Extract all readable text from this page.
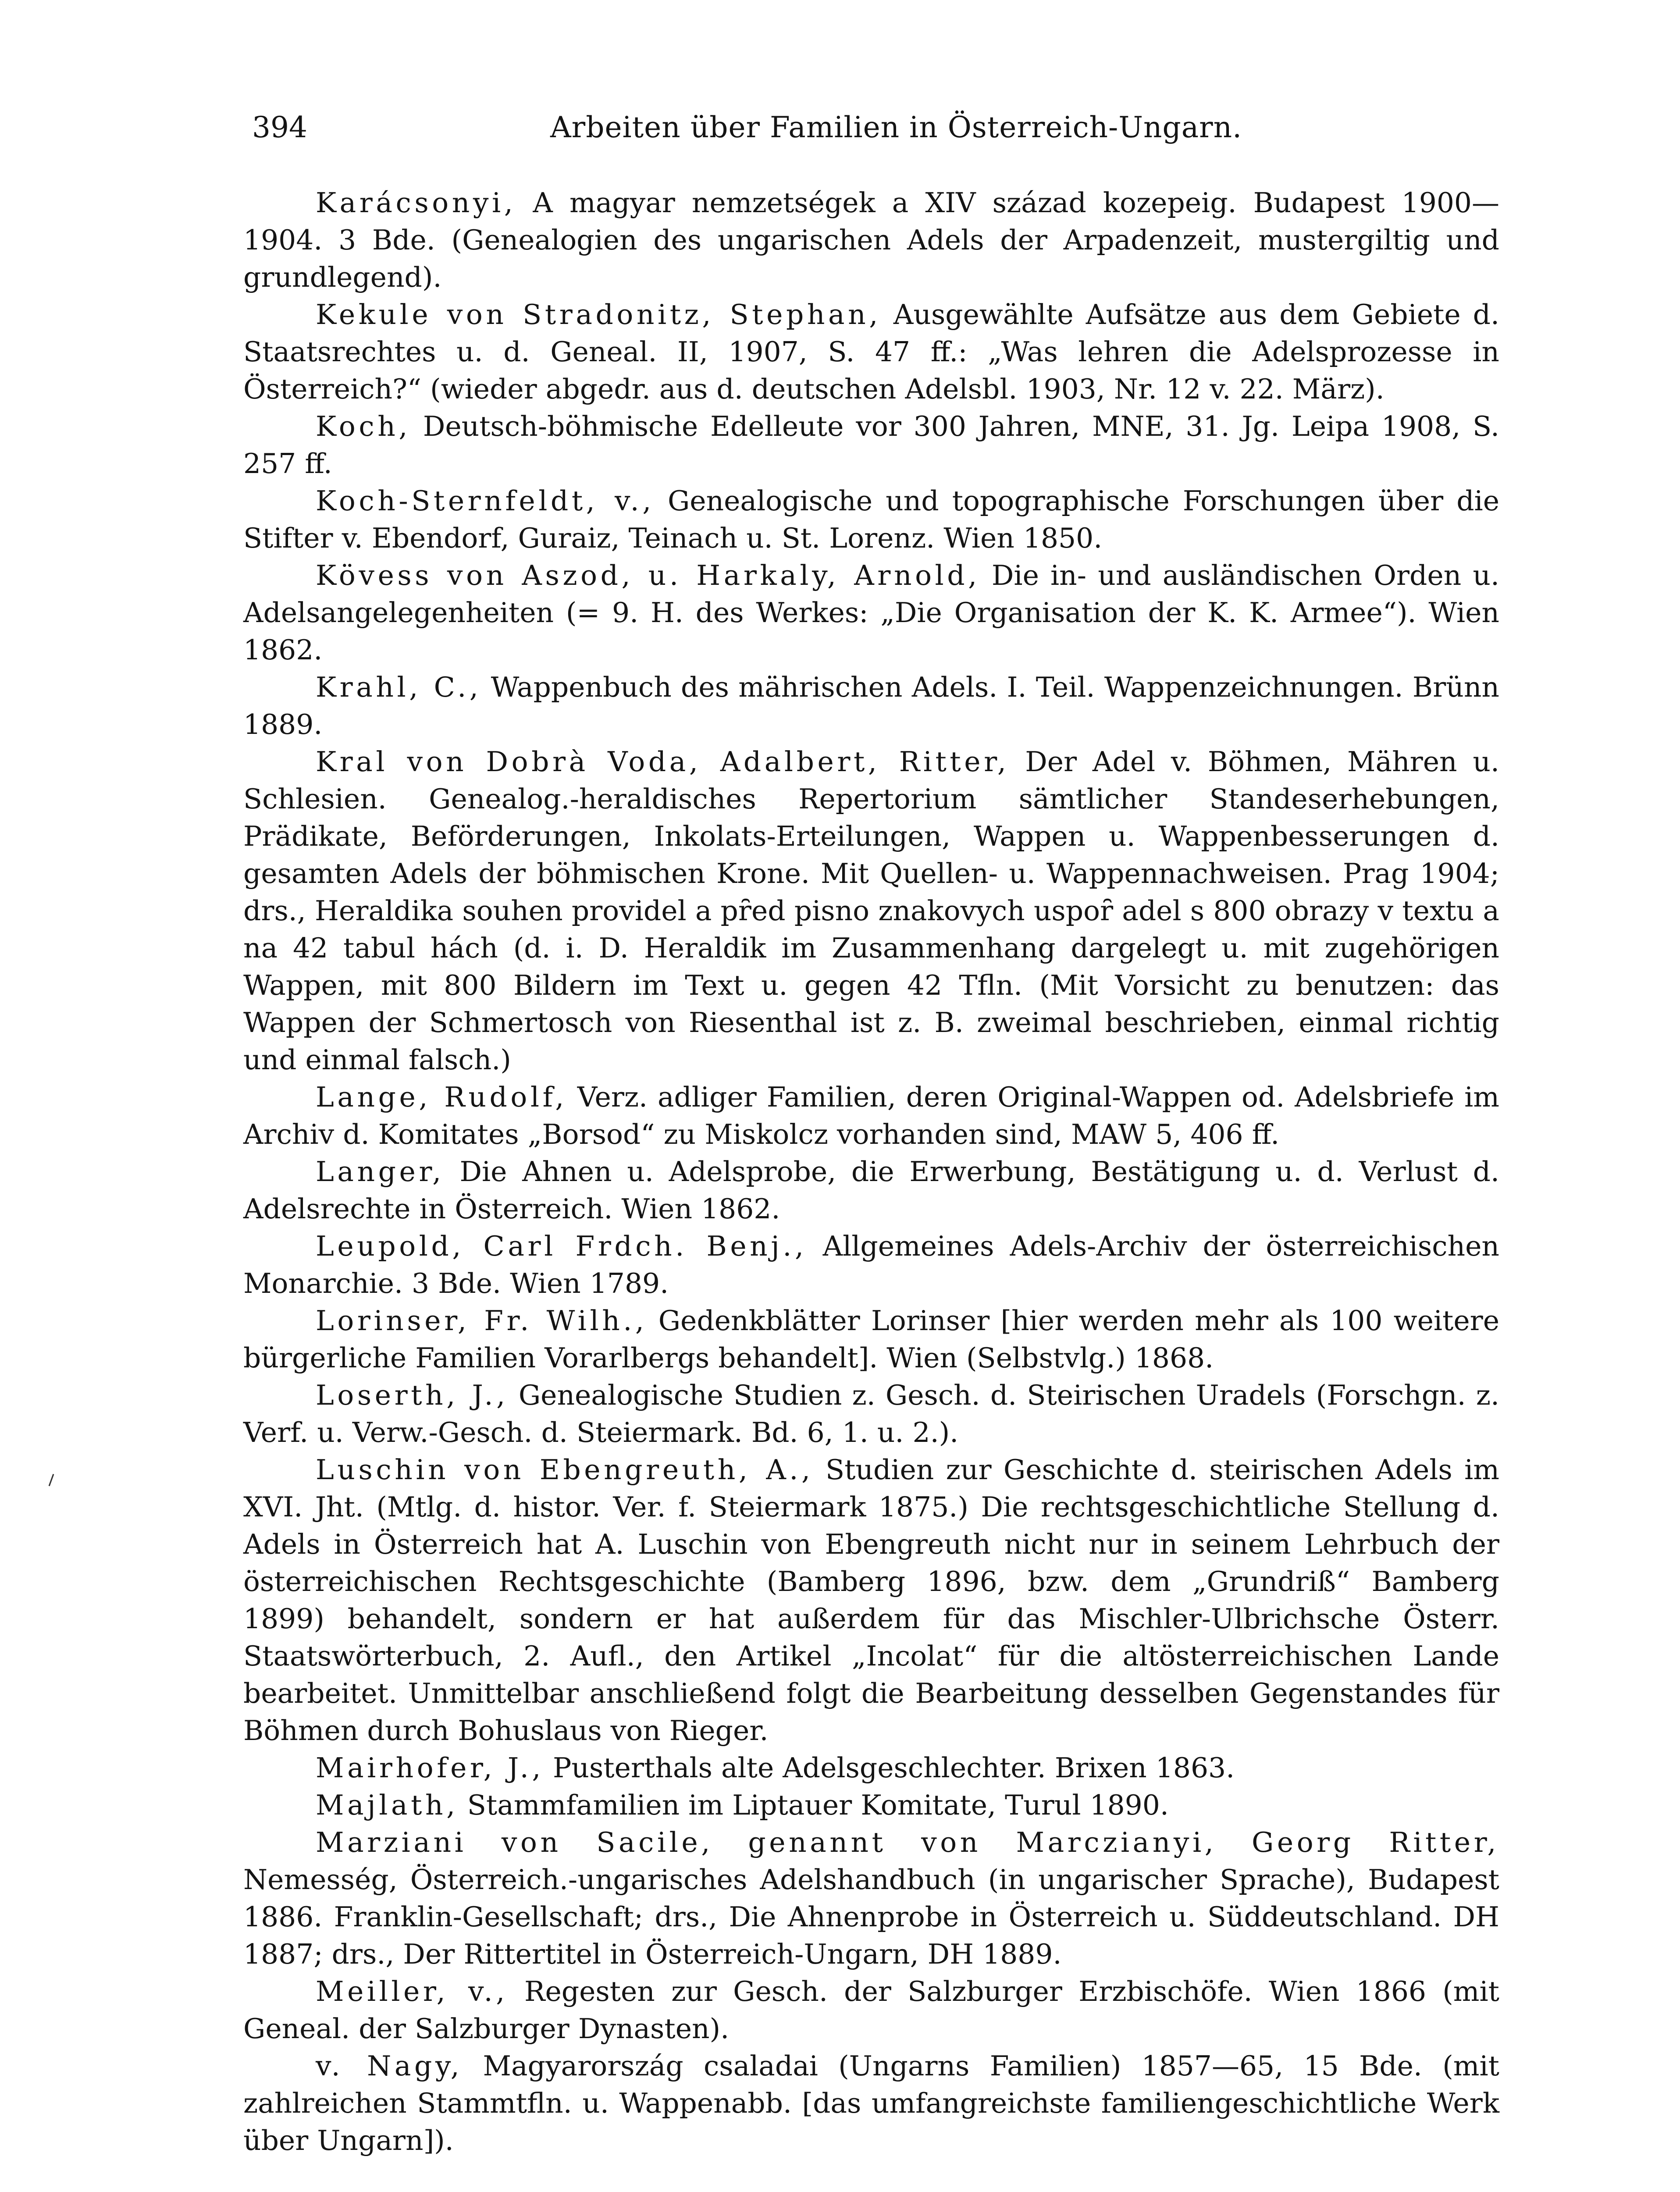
394	Arbeiten über Familien in Österreich-Ungarn.

Karácsonyi, A magyar nemzetségek a XIV század kozepeig. Budapest 1900—1904. 3 Bde. (Genealogien des ungarischen Adels der Arpadenzeit, mustergiltig und grundlegend).

Kekule von Stradonitz, Stephan, Ausgewählte Aufsätze aus dem Gebiete d. Staatsrechtes u. d. Geneal. II, 1907, S. 47 ff.: „Was lehren die Adelsprozesse in Österreich?“ (wieder abgedr. aus d. deutschen Adelsbl. 1903, Nr. 12 v. 22. März).

Koch, Deutsch-böhmische Edelleute vor 300 Jahren, MNE, 31. Jg. Leipa 1908, S. 257 ff.

Koch-Sternfeldt, v., Genealogische und topographische Forschungen über die Stifter v. Ebendorf, Guraiz, Teinach u. St. Lorenz. Wien 1850.

Kövess von Aszod, u. Harkaly, Arnold, Die in- und ausländischen Orden u. Adelsangelegenheiten (= 9. H. des Werkes: „Die Organisation der K. K. Armee“). Wien 1862.

Krahl, C., Wappenbuch des mährischen Adels. I. Teil. Wappenzeichnungen. Brünn 1889.

Kral von Dobrà Voda, Adalbert, Ritter, Der Adel v. Böhmen, Mähren u. Schlesien. Genealog.-heraldisches Repertorium sämtlicher Standeserhebungen, Prädikate, Beförderungen, Inkolats-Erteilungen, Wappen u. Wappenbesserungen d. gesamten Adels der böhmischen Krone. Mit Quellen- u. Wappennachweisen. Prag 1904; drs., Heraldika souhen providel a pȓed pisno znakovych uspoȓ adel s 800 obrazy v textu a na 42 tabul hách (d. i. D. Heraldik im Zusammenhang dargelegt u. mit zugehörigen Wappen, mit 800 Bildern im Text u. gegen 42 Tfln. (Mit Vorsicht zu benutzen: das Wappen der Schmertosch von Riesenthal ist z. B. zweimal beschrieben, einmal richtig und einmal falsch.)

Lange, Rudolf, Verz. adliger Familien, deren Original-Wappen od. Adelsbriefe im Archiv d. Komitates „Borsod“ zu Miskolcz vorhanden sind, MAW 5, 406 ff.

Langer, Die Ahnen u. Adelsprobe, die Erwerbung, Bestätigung u. d. Verlust d. Adelsrechte in Österreich. Wien 1862.

Leupold, Carl Frdch. Benj., Allgemeines Adels-Archiv der österreichischen Monarchie. 3 Bde. Wien 1789.

Lorinser, Fr. Wilh., Gedenkblätter Lorinser [hier werden mehr als 100 weitere bürgerliche Familien Vorarlbergs behandelt]. Wien (Selbstvlg.) 1868.

Loserth, J., Genealogische Studien z. Gesch. d. Steirischen Uradels (Forschgn. z. Verf. u. Verw.-Gesch. d. Steiermark. Bd. 6, 1. u. 2.).

Luschin von Ebengreuth, A., Studien zur Geschichte d. steirischen Adels im XVI. Jht. (Mtlg. d. histor. Ver. f. Steiermark 1875.) Die rechtsgeschichtliche Stellung d. Adels in Österreich hat A. Luschin von Ebengreuth nicht nur in seinem Lehrbuch der österreichischen Rechtsgeschichte (Bamberg 1896, bzw. dem „Grundriß“ Bamberg 1899) behandelt, sondern er hat außerdem für das Mischler-Ulbrichsche Österr. Staatswörterbuch, 2. Aufl., den Artikel „Incolat“ für die altösterreichischen Lande bearbeitet. Unmittelbar anschließend folgt die Bearbeitung desselben Gegenstandes für Böhmen durch Bohuslaus von Rieger.

Mairhofer, J., Pusterthals alte Adelsgeschlechter. Brixen 1863.

Majlath, Stammfamilien im Liptauer Komitate, Turul 1890.

Marziani von Sacile, genannt von Marczianyi, Georg Ritter, Nemesség, Österreich.-ungarisches Adelshandbuch (in ungarischer Sprache), Budapest 1886. Franklin-Gesellschaft; drs., Die Ahnenprobe in Österreich u. Süddeutschland. DH 1887; drs., Der Rittertitel in Österreich-Ungarn, DH 1889.

Meiller, v., Regesten zur Gesch. der Salzburger Erzbischöfe. Wien 1866 (mit Geneal. der Salzburger Dynasten).

v. Nagy, Magyarország csaladai (Ungarns Familien) 1857—65, 15 Bde. (mit zahlreichen Stammtfln. u. Wappenabb. [das umfangreichste familiengeschichtliche Werk über Ungarn]).

⸝
